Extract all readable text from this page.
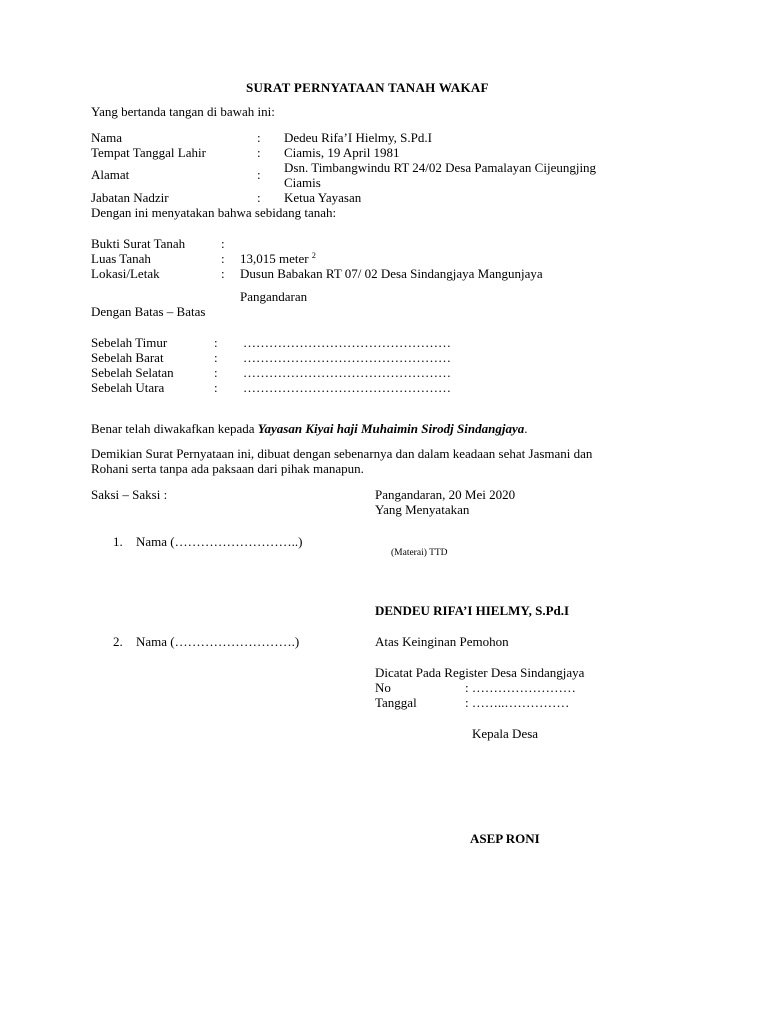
SURAT PERNYATAAN TANAH WAKAF
Yang bertanda tangan di bawah ini:
Nama	: Dedeu Rifa’I Hielmy, S.Pd.I
Tempat Tanggal Lahir	: Ciamis, 19 April 1981
Alamat	: Dsn. Timbangwindu RT 24/02 Desa Pamalayan Cijeungjing
Ciamis
Jabatan Nadzir	: Ketua Yayasan
Dengan ini menyatakan bahwa sebidang tanah:
Bukti Surat Tanah	:
Luas Tanah	: 13,015 meter $^2$
Lokasi/Letak	: Dusun Babakan RT 07/ 02 Desa Sindangjaya Mangunjaya
Pangandaran
Dengan Batas – Batas
Sebelah Timur	: …………………………………………
Sebelah Barat	: …………………………………………
Sebelah Selatan	: …………………………………………
Sebelah Utara	: …………………………………………
Benar telah diwakafkan kepada Yayasan Kiyai haji Muhaimin Sirodj Sindangjaya.
Demikian Surat Pernyataan ini, dibuat dengan sebenarnya dan dalam keadaan sehat Jasmani dan
Rohani serta tanpa ada paksaan dari pihak manapun.
Saksi – Saksi :	Pangandaran, 20 Mei 2020
Yang Menyatakan
1. Nama (………………………..)
(Materai) TTD
DENDEU RIFA’I HIELMY, S.Pd.I
2. Nama (……………………….)	Atas Keinginan Pemohon
Dicatat Pada Register Desa Sindangjaya
No	: ……………………
Tanggal	: ……..……………
Kepala Desa
ASEP RONI
